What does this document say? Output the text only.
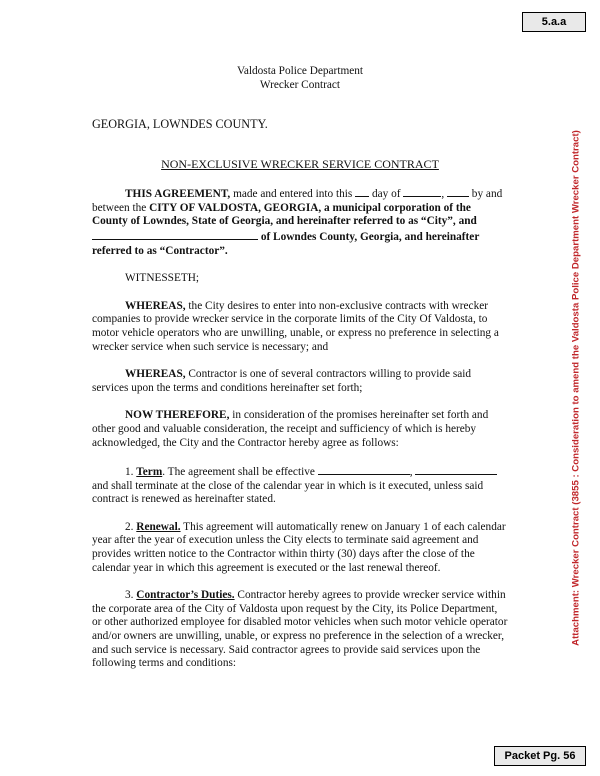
5.a.a
Attachment: Wrecker Contract (3855 : Consideration to amend the Valdosta Police Department Wrecker Contract)
Valdosta Police Department
Wrecker Contract
GEORGIA, LOWNDES COUNTY.
NON-EXCLUSIVE WRECKER SERVICE CONTRACT

THIS AGREEMENT, made and entered into this  day of	,  by and between the CITY OF VALDOSTA, GEORGIA, a municipal corporation of the County of Lowndes, State of Georgia, and hereinafter referred to as “City”, and  of Lowndes County, Georgia, and hereinafter referred to as “Contractor”.

WITNESSETH;

WHEREAS, the City desires to enter into non-exclusive contracts with wrecker companies to provide wrecker service in the corporate limits of the City Of Valdosta, to motor vehicle operators who are unwilling, unable, or express no preference in selecting a wrecker service when such service is necessary; and

WHEREAS, Contractor is one of several contractors willing to provide said services upon the terms and conditions hereinafter set forth;

NOW THEREFORE, in consideration of the promises hereinafter set forth and other good and valuable consideration, the receipt and sufficiency of which is hereby acknowledged, the City and the Contractor hereby agree as follows:

1. Term. The agreement shall be effective	,  and shall terminate at the close of the calendar year in which is it executed, unless said contract is renewed as hereinafter stated.

2. Renewal. This agreement will automatically renew on January 1 of each calendar year after the year of execution unless the City elects to terminate said agreement and provides written notice to the Contractor within thirty (30) days after the close of the calendar year in which this agreement is executed or the last renewal thereof.

3. Contractor’s Duties. Contractor hereby agrees to provide wrecker service within the corporate area of the City of Valdosta upon request by the City, its Police Department, or other authorized employee for disabled motor vehicles when such motor vehicle operator and/or owners are unwilling, unable, or express no preference in the selection of a wrecker, and such service is necessary. Said contractor agrees to provide said services upon the following terms and conditions:

Packet Pg. 56
